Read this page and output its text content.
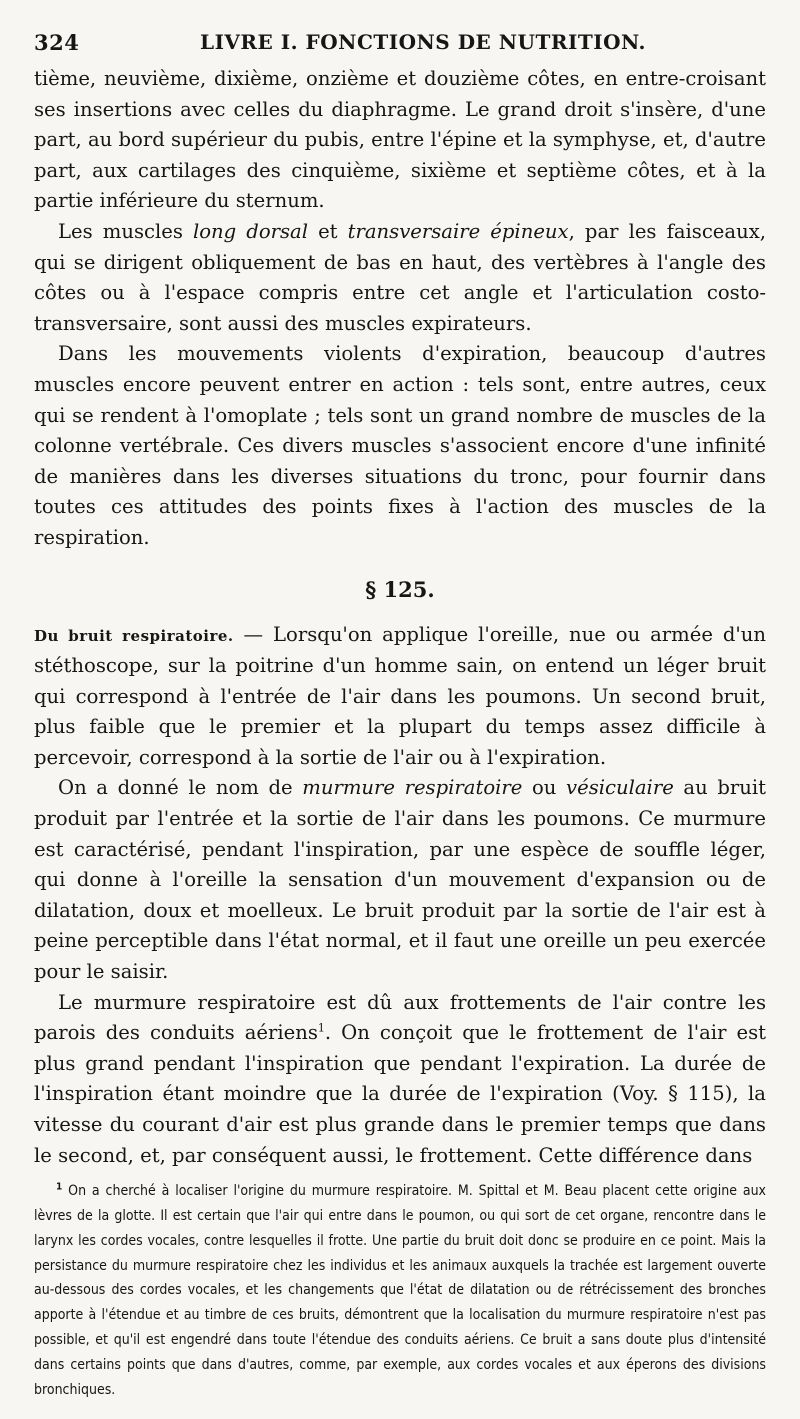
324	LIVRE I. FONCTIONS DE NUTRITION.

tième, neuvième, dixième, onzième et douzième côtes, en entre-croisant ses insertions avec celles du diaphragme. Le grand droit s'insère, d'une part, au bord supérieur du pubis, entre l'épine et la symphyse, et, d'autre part, aux cartilages des cinquième, sixième et septième côtes, et à la partie inférieure du sternum.

Les muscles long dorsal et transversaire épineux, par les faisceaux, qui se dirigent obliquement de bas en haut, des vertèbres à l'angle des côtes ou à l'espace compris entre cet angle et l'articulation costo-transversaire, sont aussi des muscles expirateurs.

Dans les mouvements violents d'expiration, beaucoup d'autres muscles encore peuvent entrer en action : tels sont, entre autres, ceux qui se rendent à l'omoplate ; tels sont un grand nombre de muscles de la colonne vertébrale. Ces divers muscles s'associent encore d'une infinité de manières dans les diverses situations du tronc, pour fournir dans toutes ces attitudes des points fixes à l'action des muscles de la respiration.

§ 125.

Du bruit respiratoire. — Lorsqu'on applique l'oreille, nue ou armée d'un stéthoscope, sur la poitrine d'un homme sain, on entend un léger bruit qui correspond à l'entrée de l'air dans les poumons. Un second bruit, plus faible que le premier et la plupart du temps assez difficile à percevoir, correspond à la sortie de l'air ou à l'expiration.

On a donné le nom de murmure respiratoire ou vésiculaire au bruit produit par l'entrée et la sortie de l'air dans les poumons. Ce murmure est caractérisé, pendant l'inspiration, par une espèce de souffle léger, qui donne à l'oreille la sensation d'un mouvement d'expansion ou de dilatation, doux et moelleux. Le bruit produit par la sortie de l'air est à peine perceptible dans l'état normal, et il faut une oreille un peu exercée pour le saisir.

Le murmure respiratoire est dû aux frottements de l'air contre les parois des conduits aériens$^1$. On conçoit que le frottement de l'air est plus grand pendant l'inspiration que pendant l'expiration. La durée de l'inspiration étant moindre que la durée de l'expiration (Voy. § 115), la vitesse du courant d'air est plus grande dans le premier temps que dans le second, et, par conséquent aussi, le frottement. Cette différence dans

$^1$ On a cherché à localiser l'origine du murmure respiratoire. M. Spittal et M. Beau placent cette origine aux lèvres de la glotte. Il est certain que l'air qui entre dans le poumon, ou qui sort de cet organe, rencontre dans le larynx les cordes vocales, contre lesquelles il frotte. Une partie du bruit doit donc se produire en ce point. Mais la persistance du murmure respiratoire chez les individus et les animaux auxquels la trachée est largement ouverte au-dessous des cordes vocales, et les changements que l'état de dilatation ou de rétrécissement des bronches apporte à l'étendue et au timbre de ces bruits, démontrent que la localisation du murmure respiratoire n'est pas possible, et qu'il est engendré dans toute l'étendue des conduits aériens. Ce bruit a sans doute plus d'intensité dans certains points que dans d'autres, comme, par exemple, aux cordes vocales et aux éperons des divisions bronchiques.
